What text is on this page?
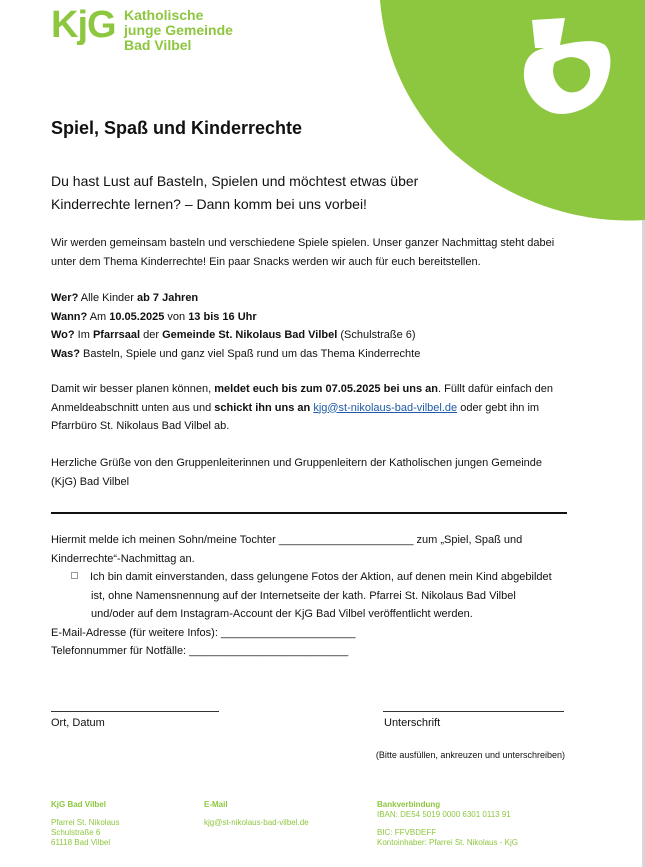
KjG Katholische
junge Gemeinde
Bad Vilbel
Spiel, Spaß und Kinderrechte
Du hast Lust auf Basteln, Spielen und möchtest etwas über
Kinderrechte lernen? – Dann komm bei uns vorbei!
Wir werden gemeinsam basteln und verschiedene Spiele spielen. Unser ganzer Nachmittag steht dabei
unter dem Thema Kinderrechte! Ein paar Snacks werden wir auch für euch bereitstellen.
Wer? Alle Kinder ab 7 Jahren
Wann? Am 10.05.2025 von 13 bis 16 Uhr
Wo? Im Pfarrsaal der Gemeinde St. Nikolaus Bad Vilbel (Schulstraße 6)
Was? Basteln, Spiele und ganz viel Spaß rund um das Thema Kinderrechte
Damit wir besser planen können, meldet euch bis zum 07.05.2025 bei uns an. Füllt dafür einfach den
Anmeldeabschnitt unten aus und schickt ihn uns an kjg@st-nikolaus-bad-vilbel.de oder gebt ihn im
Pfarrbüro St. Nikolaus Bad Vilbel ab.
Herzliche Grüße von den Gruppenleiterinnen und Gruppenleitern der Katholischen jungen Gemeinde
(KjG) Bad Vilbel
Hiermit melde ich meinen Sohn/meine Tochter ______________________ zum „Spiel, Spaß und
Kinderrechte“-Nachmittag an.
Ich bin damit einverstanden, dass gelungene Fotos der Aktion, auf denen mein Kind abgebildet
ist, ohne Namensnennung auf der Internetseite der kath. Pfarrei St. Nikolaus Bad Vilbel
und/oder auf dem Instagram-Account der KjG Bad Vilbel veröffentlicht werden.
E-Mail-Adresse (für weitere Infos): ______________________
Telefonnummer für Notfälle: __________________________
Ort, Datum	Unterschrift
(Bitte ausfüllen, ankreuzen und unterschreiben)
KjG Bad Vilbel
Pfarrei St. Nikolaus
Schulstraße 6
61118 Bad Vilbel
E-Mail
kjg@st-nikolaus-bad-vilbel.de
Bankverbindung
IBAN: DE54 5019 0000 6301 0113 91
BIC: FFVBDEFF
Kontoinhaber: Pfarrei St. Nikolaus - KjG
